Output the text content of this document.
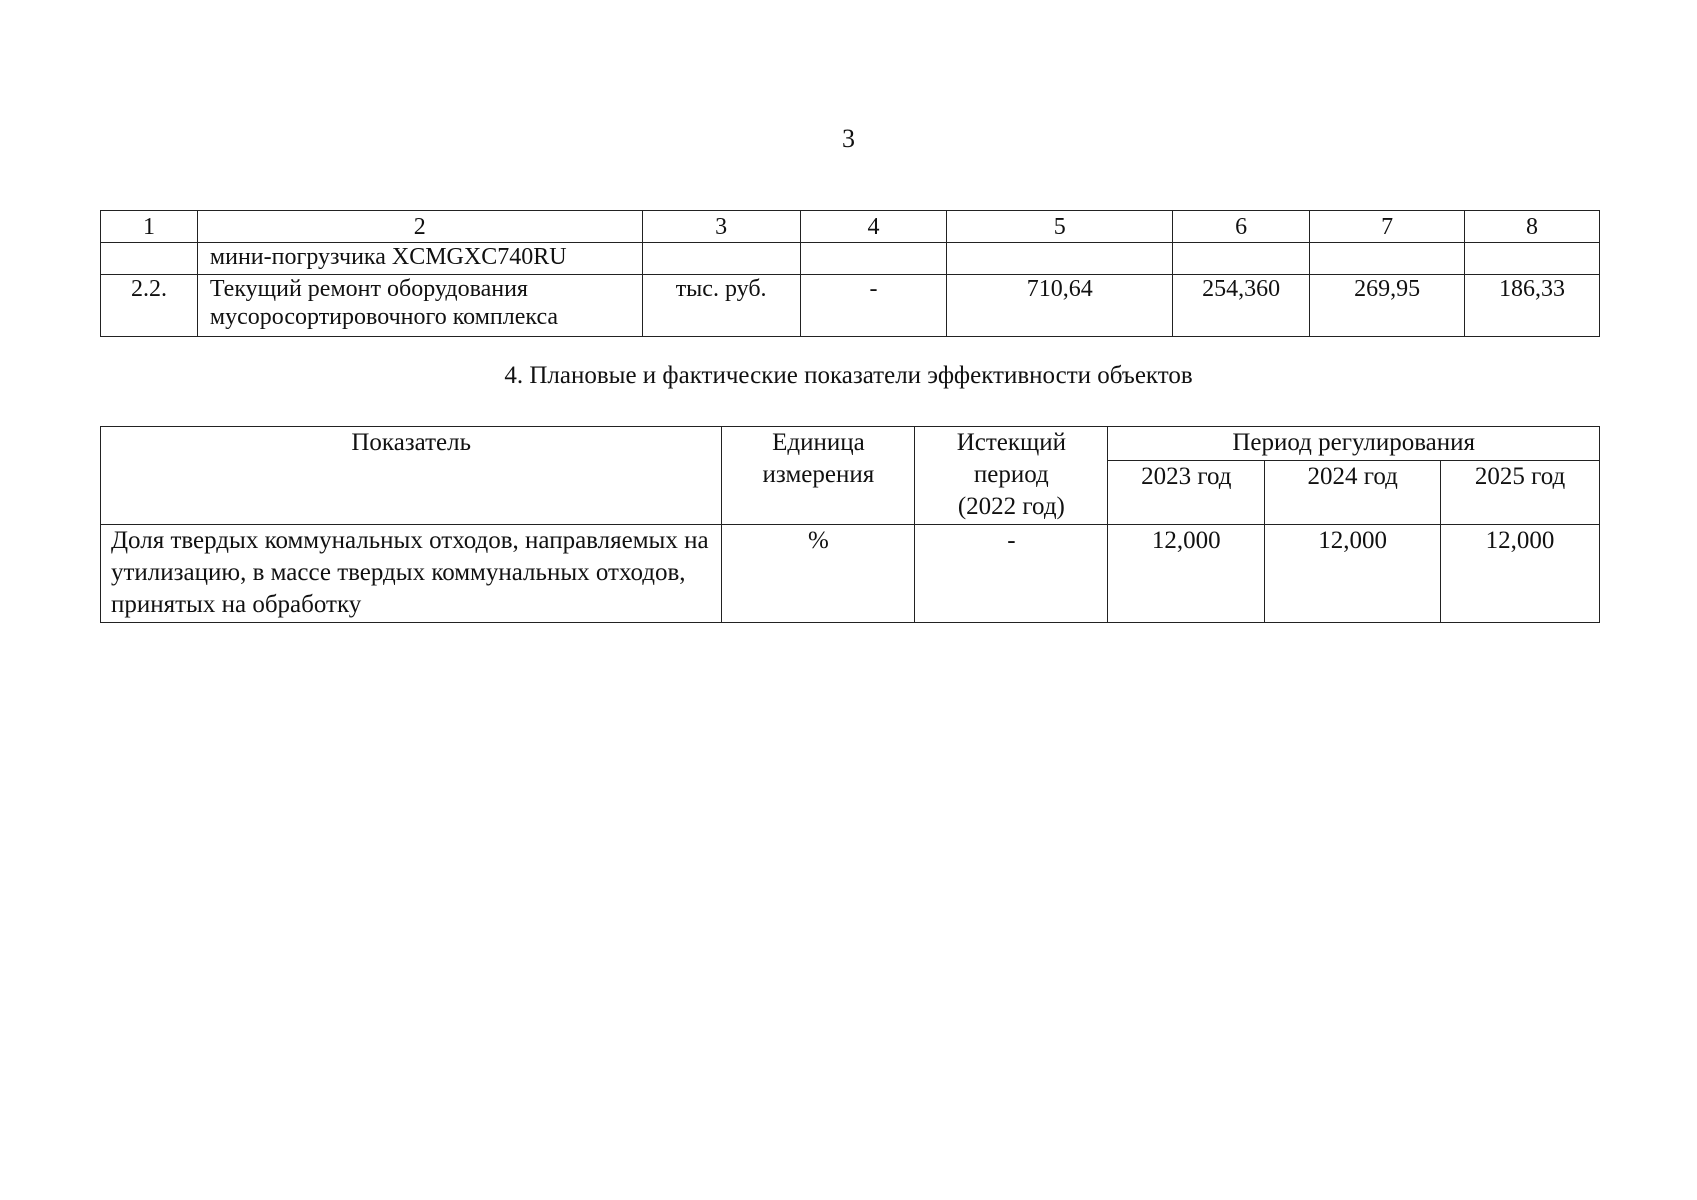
3
1	2	3	4	5	6	7	8
	мини-погрузчика XCMGXC740RU						
2.2.	Текущий ремонт оборудования мусоросортировочного комплекса	тыс. руб.	-	710,64	254,360	269,95	186,33
4. Плановые и фактические показатели эффективности объектов
Показатель	Единица измерения	Истекщий период (2022 год)	Период регулирования		
			2023 год	2024 год	2025 год
Доля твердых коммунальных отходов, направляемых на утилизацию, в массе твердых коммунальных отходов, принятых на обработку	%	-	12,000	12,000	12,000
